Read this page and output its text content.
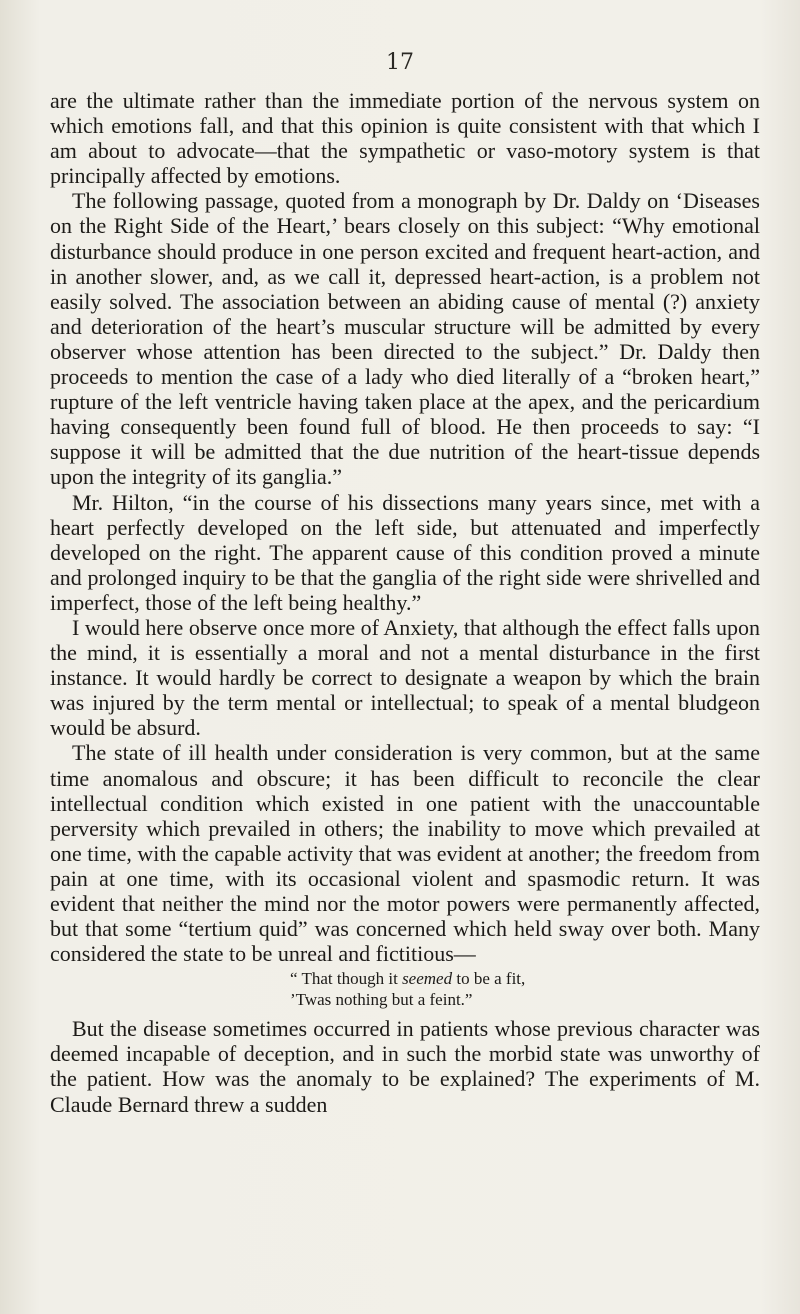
17

are the ultimate rather than the immediate portion of the nervous system on which emotions fall, and that this opinion is quite consistent with that which I am about to advocate—that the sympathetic or vaso-motory system is that principally affected by emotions.

The following passage, quoted from a monograph by Dr. Daldy on ‘Diseases on the Right Side of the Heart,’ bears closely on this subject: “Why emotional disturbance should produce in one person excited and frequent heart-action, and in another slower, and, as we call it, depressed heart-action, is a problem not easily solved. The association between an abiding cause of mental (?) anxiety and deterioration of the heart’s muscular structure will be admitted by every observer whose attention has been directed to the subject.” Dr. Daldy then proceeds to mention the case of a lady who died literally of a “broken heart,” rupture of the left ventricle having taken place at the apex, and the pericardium having consequently been found full of blood. He then proceeds to say: “I suppose it will be admitted that the due nutrition of the heart-tissue depends upon the integrity of its ganglia.”

Mr. Hilton, “in the course of his dissections many years since, met with a heart perfectly developed on the left side, but attenuated and imperfectly developed on the right. The apparent cause of this condition proved a minute and prolonged inquiry to be that the ganglia of the right side were shrivelled and imperfect, those of the left being healthy.”

I would here observe once more of Anxiety, that although the effect falls upon the mind, it is essentially a moral and not a mental disturbance in the first instance. It would hardly be correct to designate a weapon by which the brain was injured by the term mental or intellectual; to speak of a mental bludgeon would be absurd.

The state of ill health under consideration is very common, but at the same time anomalous and obscure; it has been difficult to reconcile the clear intellectual condition which existed in one patient with the unaccountable perversity which prevailed in others; the inability to move which prevailed at one time, with the capable activity that was evident at another; the freedom from pain at one time, with its occasional violent and spasmodic return. It was evident that neither the mind nor the motor powers were permanently affected, but that some “tertium quid” was concerned which held sway over both. Many considered the state to be unreal and fictitious—

“ That though it seemed to be a fit,
’Twas nothing but a feint.”

But the disease sometimes occurred in patients whose previous character was deemed incapable of deception, and in such the morbid state was unworthy of the patient. How was the anomaly to be explained? The experiments of M. Claude Bernard threw a sudden
